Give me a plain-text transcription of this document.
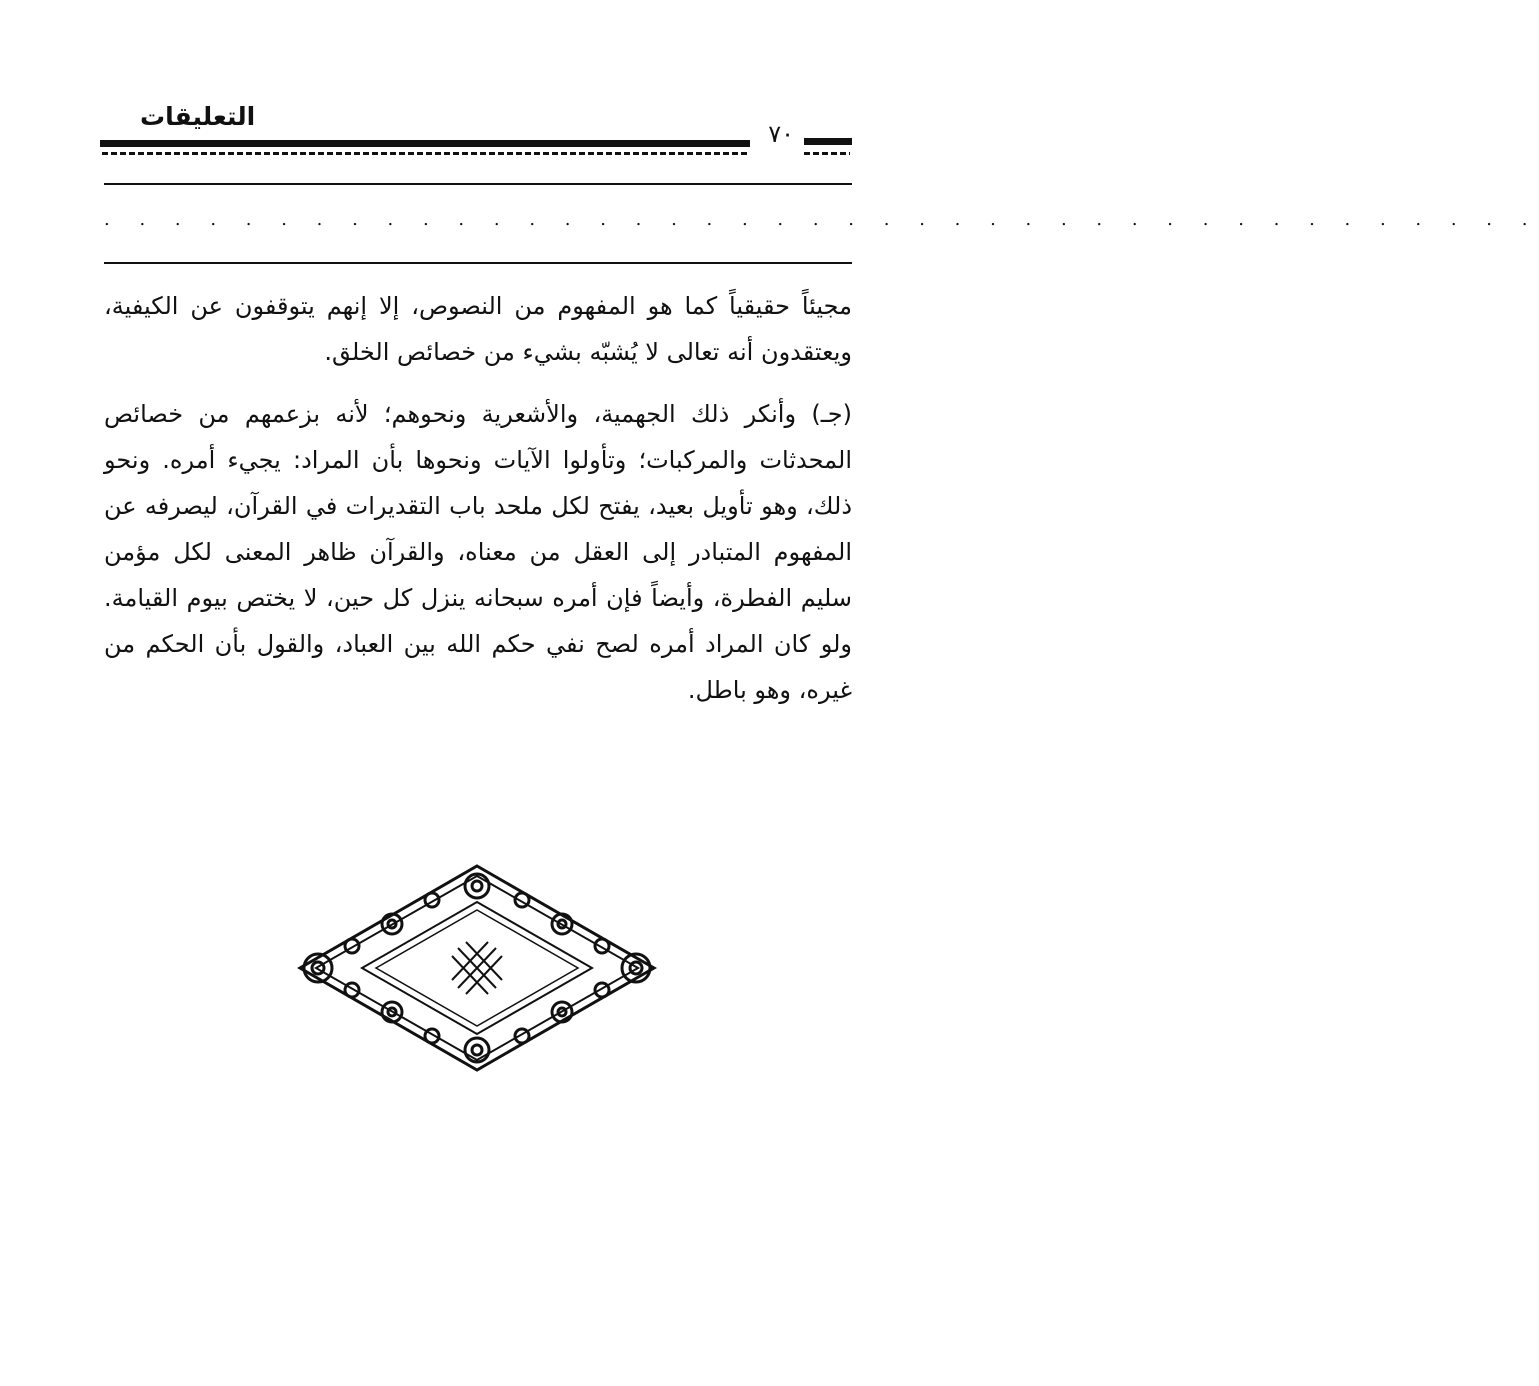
التعليقات
٧٠
. . . . . . . . . . . . . . . . . . . . . . . . . . . . . . . . . . . . . . . . .

مجيئاً حقيقياً كما هو المفهوم من النصوص، إلا إنهم يتوقفون عن الكيفية، ويعتقدون أنه تعالى لا يُشبّه بشيء من خصائص الخلق.

(جـ) وأنكر ذلك الجهمية، والأشعرية ونحوهم؛ لأنه بزعمهم من خصائص المحدثات والمركبات؛ وتأولوا الآيات ونحوها بأن المراد: يجيء أمره. ونحو ذلك، وهو تأويل بعيد، يفتح لكل ملحد باب التقديرات في القرآن، ليصرفه عن المفهوم المتبادر إلى العقل من معناه، والقرآن ظاهر المعنى لكل مؤمن سليم الفطرة، وأيضاً فإن أمره سبحانه ينزل كل حين، لا يختص بيوم القيامة. ولو كان المراد أمره لصح نفي حكم الله بين العباد، والقول بأن الحكم من غيره، وهو باطل.
